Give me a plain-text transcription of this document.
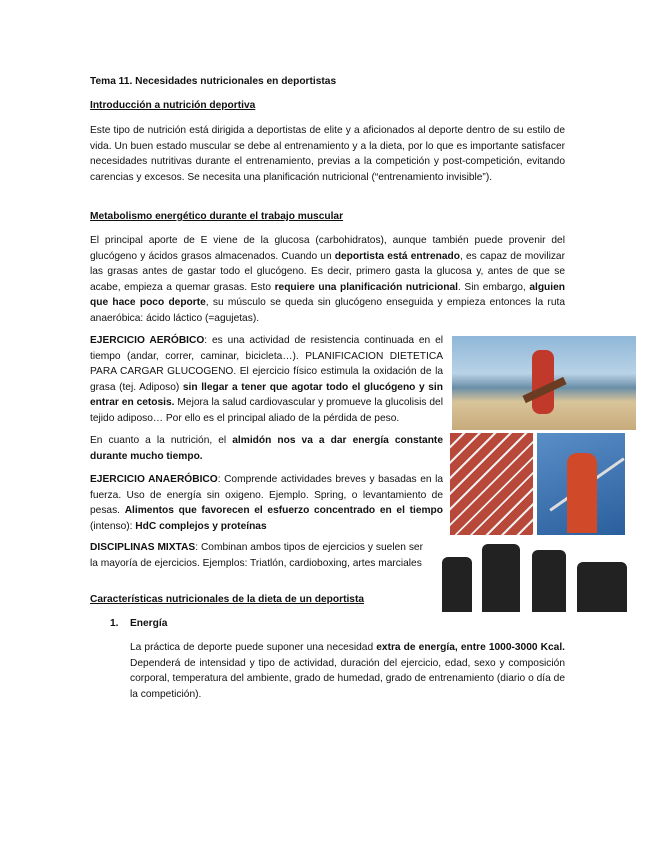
Tema 11. Necesidades nutricionales en deportistas
Introducción a nutrición deportiva
Este tipo de nutrición está dirigida a deportistas de elite y a aficionados al deporte dentro de su estilo de vida. Un buen estado muscular se debe al entrenamiento y a la dieta, por lo que es importante satisfacer necesidades nutritivas durante el entrenamiento, previas a la competición y post-competición, evitando carencias y excesos. Se necesita una planificación nutricional (“entrenamiento invisible”).
Metabolismo energético durante el trabajo muscular
El principal aporte de E viene de la glucosa (carbohidratos), aunque también puede provenir del glucógeno y ácidos grasos almacenados. Cuando un deportista está entrenado, es capaz de movilizar las grasas antes de gastar todo el glucógeno. Es decir, primero gasta la glucosa y, antes de que se acabe, empieza a quemar grasas. Esto requiere una planificación nutricional. Sin embargo, alguien que hace poco deporte, su músculo se queda sin glucógeno enseguida y empieza entonces la ruta anaeróbica: ácido láctico (=agujetas).
EJERCICIO AERÓBICO: es una actividad de resistencia continuada en el tiempo (andar, correr, caminar, bicicleta…). PLANIFICACION DIETETICA PARA CARGAR GLUCOGENO. El ejercicio físico estimula la oxidación de la grasa (tej. Adiposo) sin llegar a tener que agotar todo el glucógeno y sin entrar en cetosis. Mejora la salud cardiovascular y promueve la glucolisis del tejido adiposo… Por ello es el principal aliado de la pérdida de peso.
En cuanto a la nutrición, el almidón nos va a dar energía constante durante mucho tiempo.
EJERCICIO ANAERÓBICO: Comprende actividades breves y basadas en la fuerza. Uso de energía sin oxigeno. Ejemplo. Spring, o levantamiento de pesas. Alimentos que favorecen el esfuerzo concentrado en el tiempo (intenso): HdC complejos y proteínas
DISCIPLINAS MIXTAS: Combinan ambos tipos de ejercicios y suelen ser la mayoría de ejercicios. Ejemplos: Triatlón, cardioboxing, artes marciales
Características nutricionales de la dieta de un deportista
1. Energía
La práctica de deporte puede suponer una necesidad extra de energía, entre 1000-3000 Kcal. Dependerá de intensidad y tipo de actividad, duración del ejercicio, edad, sexo y composición corporal, temperatura del ambiente, grado de humedad, grado de entrenamiento (diario o día de la competición).
